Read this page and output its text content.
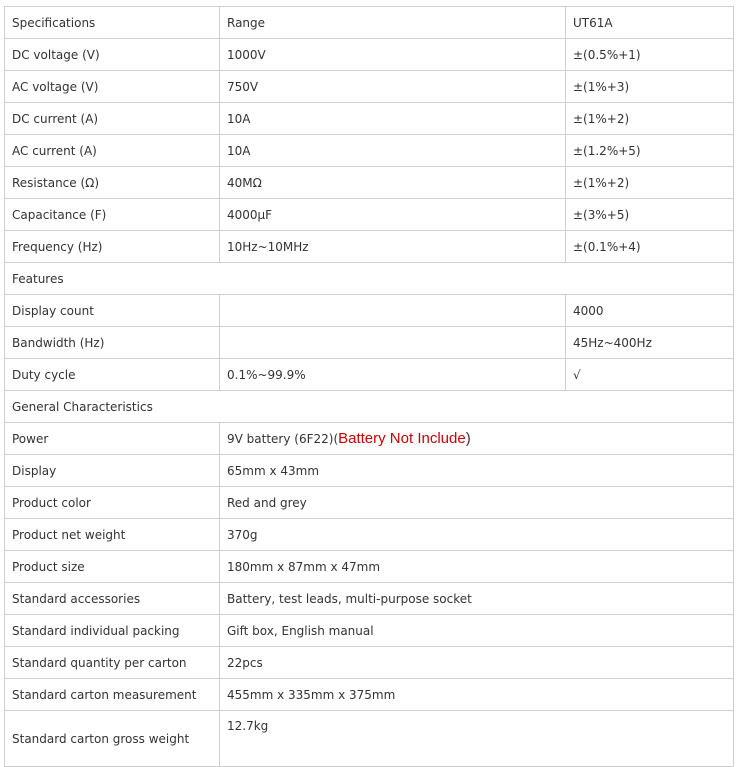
Specifications	Range	UT61A
DC voltage (V)	1000V	±(0.5%+1)
AC voltage (V)	750V	±(1%+3)
DC current (A)	10A	±(1%+2)
AC current (A)	10A	±(1.2%+5)
Resistance (Ω)	40MΩ	±(1%+2)
Capacitance (F)	4000μF	±(3%+5)
Frequency (Hz)	10Hz~10MHz	±(0.1%+4)
Features		
Display count		4000
Bandwidth (Hz)		45Hz~400Hz
Duty cycle	0.1%~99.9%	√
General Characteristics		
Power	9V battery (6F22)(Battery Not Include)	
Display	65mm x 43mm	
Product color	Red and grey	
Product net weight	370g	
Product size	180mm x 87mm x 47mm	
Standard accessories	Battery, test leads, multi-purpose socket	
Standard individual packing	Gift box, English manual	
Standard quantity per carton	22pcs	
Standard carton measurement	455mm x 335mm x 375mm	
Standard carton gross weight	12.7kg	
